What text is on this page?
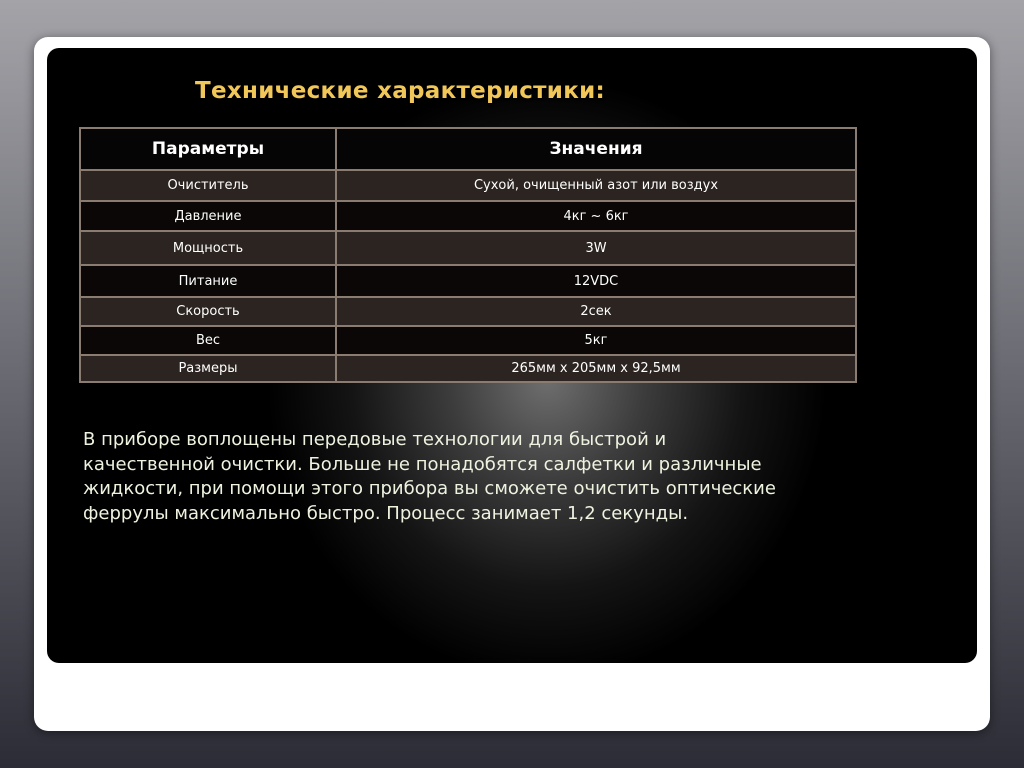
Технические характеристики:
Параметры	Значения
Очиститель	Сухой, очищенный азот или воздух
Давление	4кг ~ 6кг
Мощность	3W
Питание	12VDC
Скорость	2сек
Вес	5кг
Размеры	265мм x 205мм x 92,5мм

В приборе воплощены передовые технологии для быстрой и качественной очистки. Больше не понадобятся салфетки и различные жидкости, при помощи этого прибора вы сможете очистить оптические феррулы максимально быстро. Процесс занимает 1,2 секунды.
